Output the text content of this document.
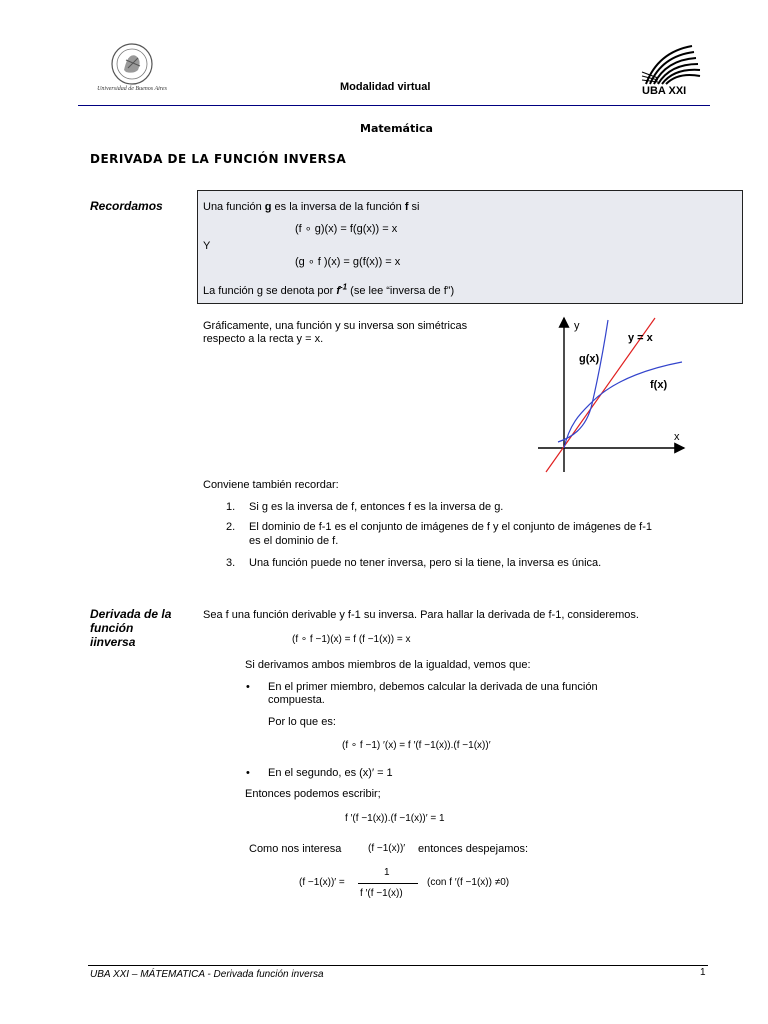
Universidad de Buenos Aires	Modalidad virtual	UBA XXI
Matemática
DERIVADA DE LA FUNCIÓN INVERSA
Recordamos	Una función g es la inversa de la función f si
(f ∘ g)(x) = f(g(x)) = x
Y
(g ∘ f )(x) = g(f(x)) = x
La función g se denota por $f^{-1}$ (se lee “inversa de f”)
Gráficamente, una función y su inversa son simétricas
respecto a la recta y = x.
y
y = x
g(x)
f(x)
x
Conviene también recordar:
1. Si g es la inversa de f, entonces f es la inversa de g.
2. El dominio de f-1 es el conjunto de imágenes de f y el conjunto de imágenes de f-1
es el dominio de f.
3. Una función puede no tener inversa, pero si la tiene, la inversa es única.
Derivada de la
función
iinversa
Sea f una función derivable y f-1 su inversa. Para hallar la derivada de f-1, consideremos.
(f ∘ f −1)(x) = f (f −1(x)) = x
Si derivamos ambos miembros de la igualdad, vemos que:
• En el primer miembro, debemos calcular la derivada de una función
compuesta.
Por lo que es:
(f ∘ f −1) ′(x) = f ′(f −1(x)).(f −1(x))′
• En el segundo, es (x)′ = 1
Entonces podemos escribir;
f ′(f −1(x)).(f −1(x))′ = 1
Como nos interesa	(f −1(x))′ entonces despejamos:
(f −1(x))′ =
1
f ′(f −1(x))
(con f ′(f −1(x)) ≠0)
UBA XXI – MÁTEMATICA - Derivada función inversa	1
